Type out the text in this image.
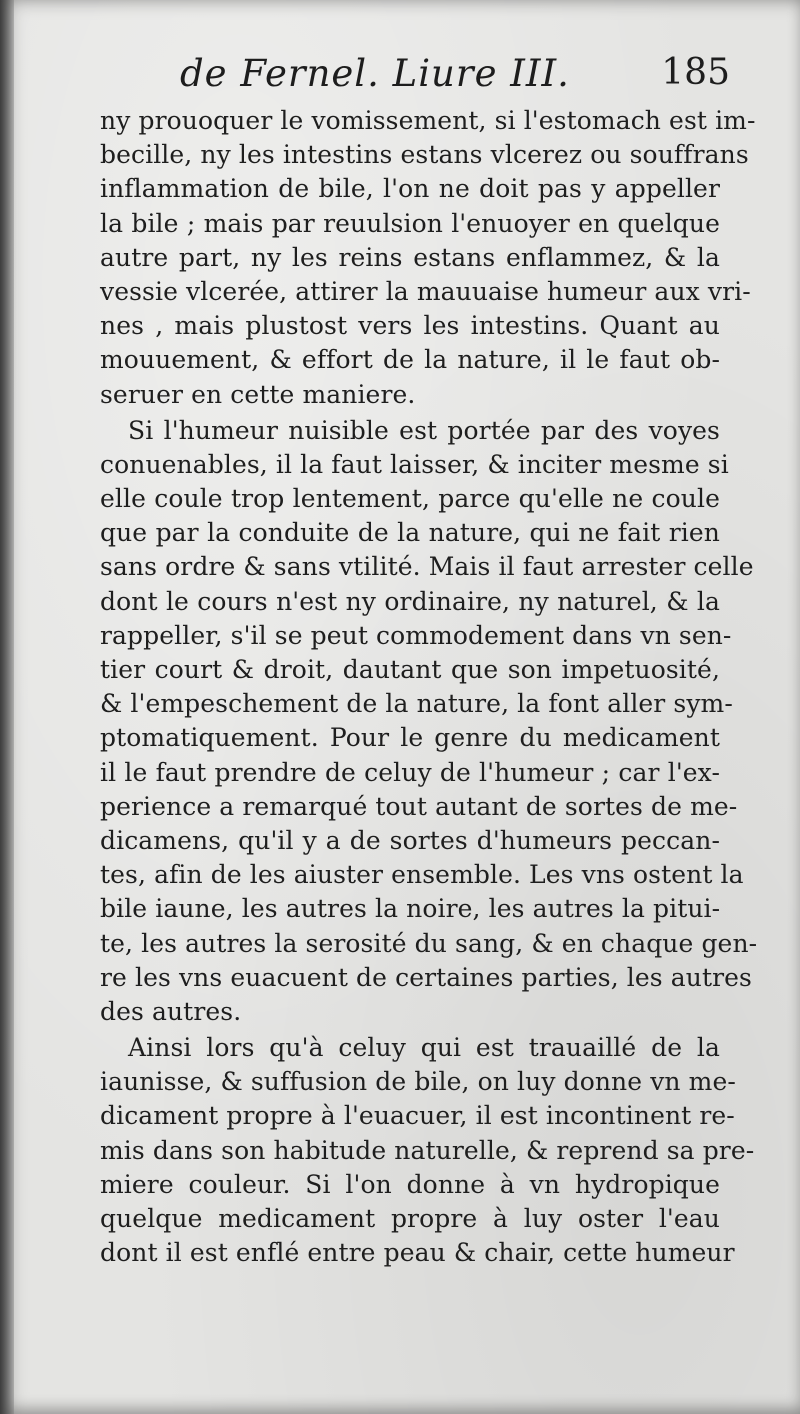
de Fernel. Liure III.	185
ny prouoquer le vomissement, si l'estomach est im-
becille, ny les intestins estans vlcerez ou souffrans
inflammation de bile, l'on ne doit pas y appeller
la bile ; mais par reuulsion l'enuoyer en quelque
autre part, ny les reins estans enflammez, & la
vessie vlcerée, attirer la mauuaise humeur aux vri-
nes , mais plustost vers les intestins. Quant au
mouuement, & effort de la nature, il le faut ob-
seruer en cette maniere.
Si l'humeur nuisible est portée par des voyes
conuenables, il la faut laisser, & inciter mesme si
elle coule trop lentement, parce qu'elle ne coule
que par la conduite de la nature, qui ne fait rien
sans ordre & sans vtilité. Mais il faut arrester celle
dont le cours n'est ny ordinaire, ny naturel, & la
rappeller, s'il se peut commodement dans vn sen-
tier court & droit, dautant que son impetuosité,
& l'empeschement de la nature, la font aller sym-
ptomatiquement. Pour le genre du medicament
il le faut prendre de celuy de l'humeur ; car l'ex-
perience a remarqué tout autant de sortes de me-
dicamens, qu'il y a de sortes d'humeurs peccan-
tes, afin de les aiuster ensemble. Les vns ostent la
bile iaune, les autres la noire, les autres la pitui-
te, les autres la serosité du sang, & en chaque gen-
re les vns euacuent de certaines parties, les autres
des autres.
Ainsi lors qu'à celuy qui est trauaillé de la
iaunisse, & suffusion de bile, on luy donne vn me-
dicament propre à l'euacuer, il est incontinent re-
mis dans son habitude naturelle, & reprend sa pre-
miere couleur. Si l'on donne à vn hydropique
quelque medicament propre à luy oster l'eau
dont il est enflé entre peau & chair, cette humeur
